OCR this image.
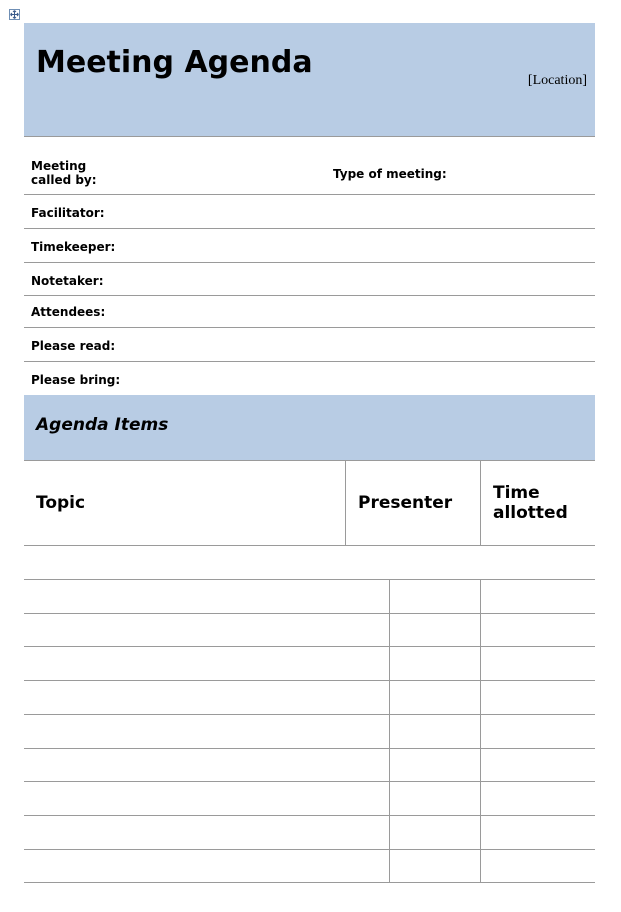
Meeting Agenda
[Location]
Meeting
called by:	Type of meeting:
Facilitator:
Timekeeper:
Notetaker:
Attendees:
Please read:
Please bring:
Agenda Items
Topic	Presenter Time
allotted
